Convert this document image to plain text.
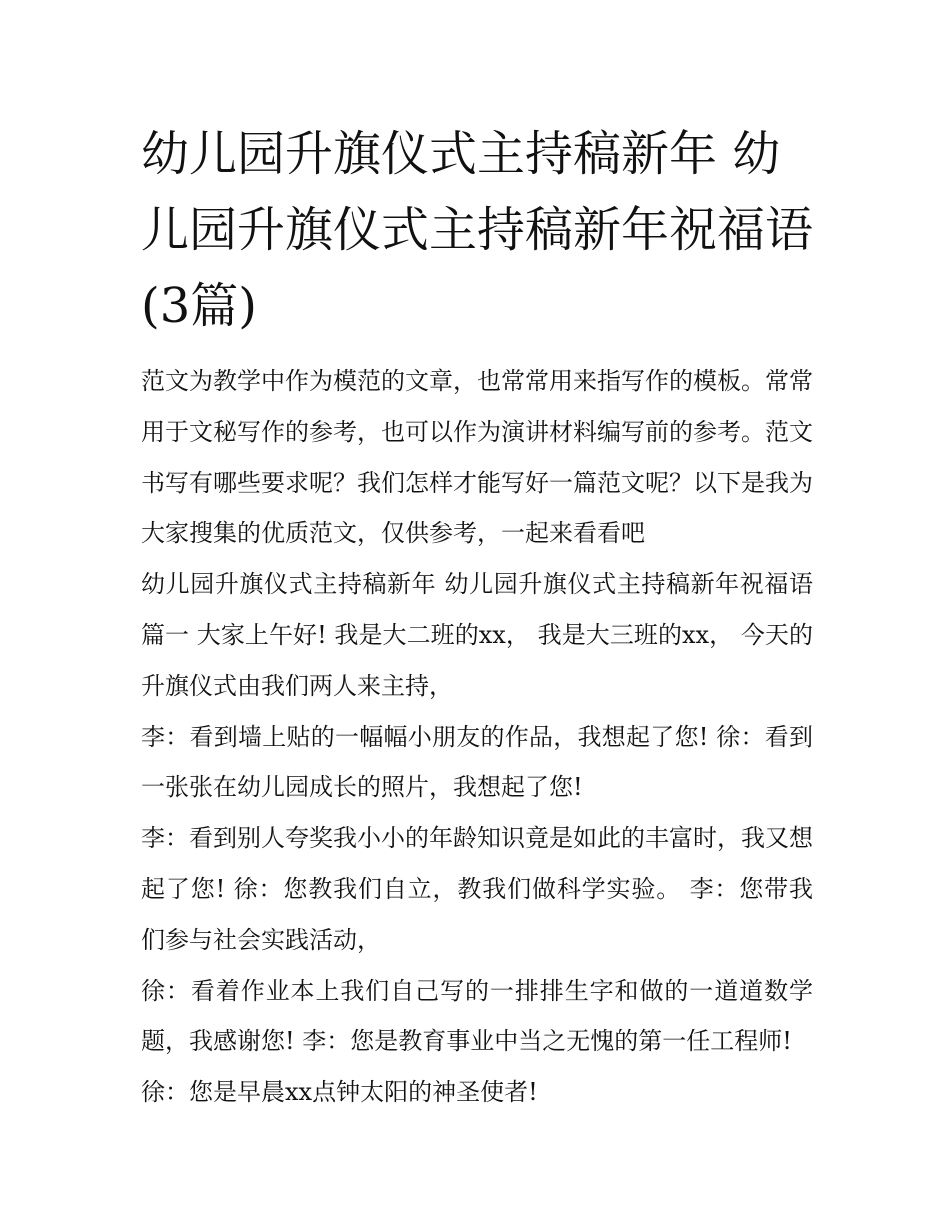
幼儿园升旗仪式主持稿新年 幼儿园升旗仪式主持稿新年祝福语(3篇)

范文为教学中作为模范的文章，也常常用来指写作的模板。常常用于文秘写作的参考，也可以作为演讲材料编写前的参考。范文书写有哪些要求呢？我们怎样才能写好一篇范文呢？以下是我为大家搜集的优质范文，仅供参考，一起来看看吧

幼儿园升旗仪式主持稿新年 幼儿园升旗仪式主持稿新年祝福语篇一 大家上午好! 我是大二班的xx， 我是大三班的xx， 今天的升旗仪式由我们两人来主持，

李：看到墙上贴的一幅幅小朋友的作品，我想起了您! 徐：看到一张张在幼儿园成长的照片，我想起了您!

李：看到别人夸奖我小小的年龄知识竟是如此的丰富时，我又想起了您! 徐：您教我们自立，教我们做科学实验。 李：您带我们参与社会实践活动，

徐：看着作业本上我们自己写的一排排生字和做的一道道数学题，我感谢您! 李：您是教育事业中当之无愧的第一任工程师!

徐：您是早晨xx点钟太阳的神圣使者!
